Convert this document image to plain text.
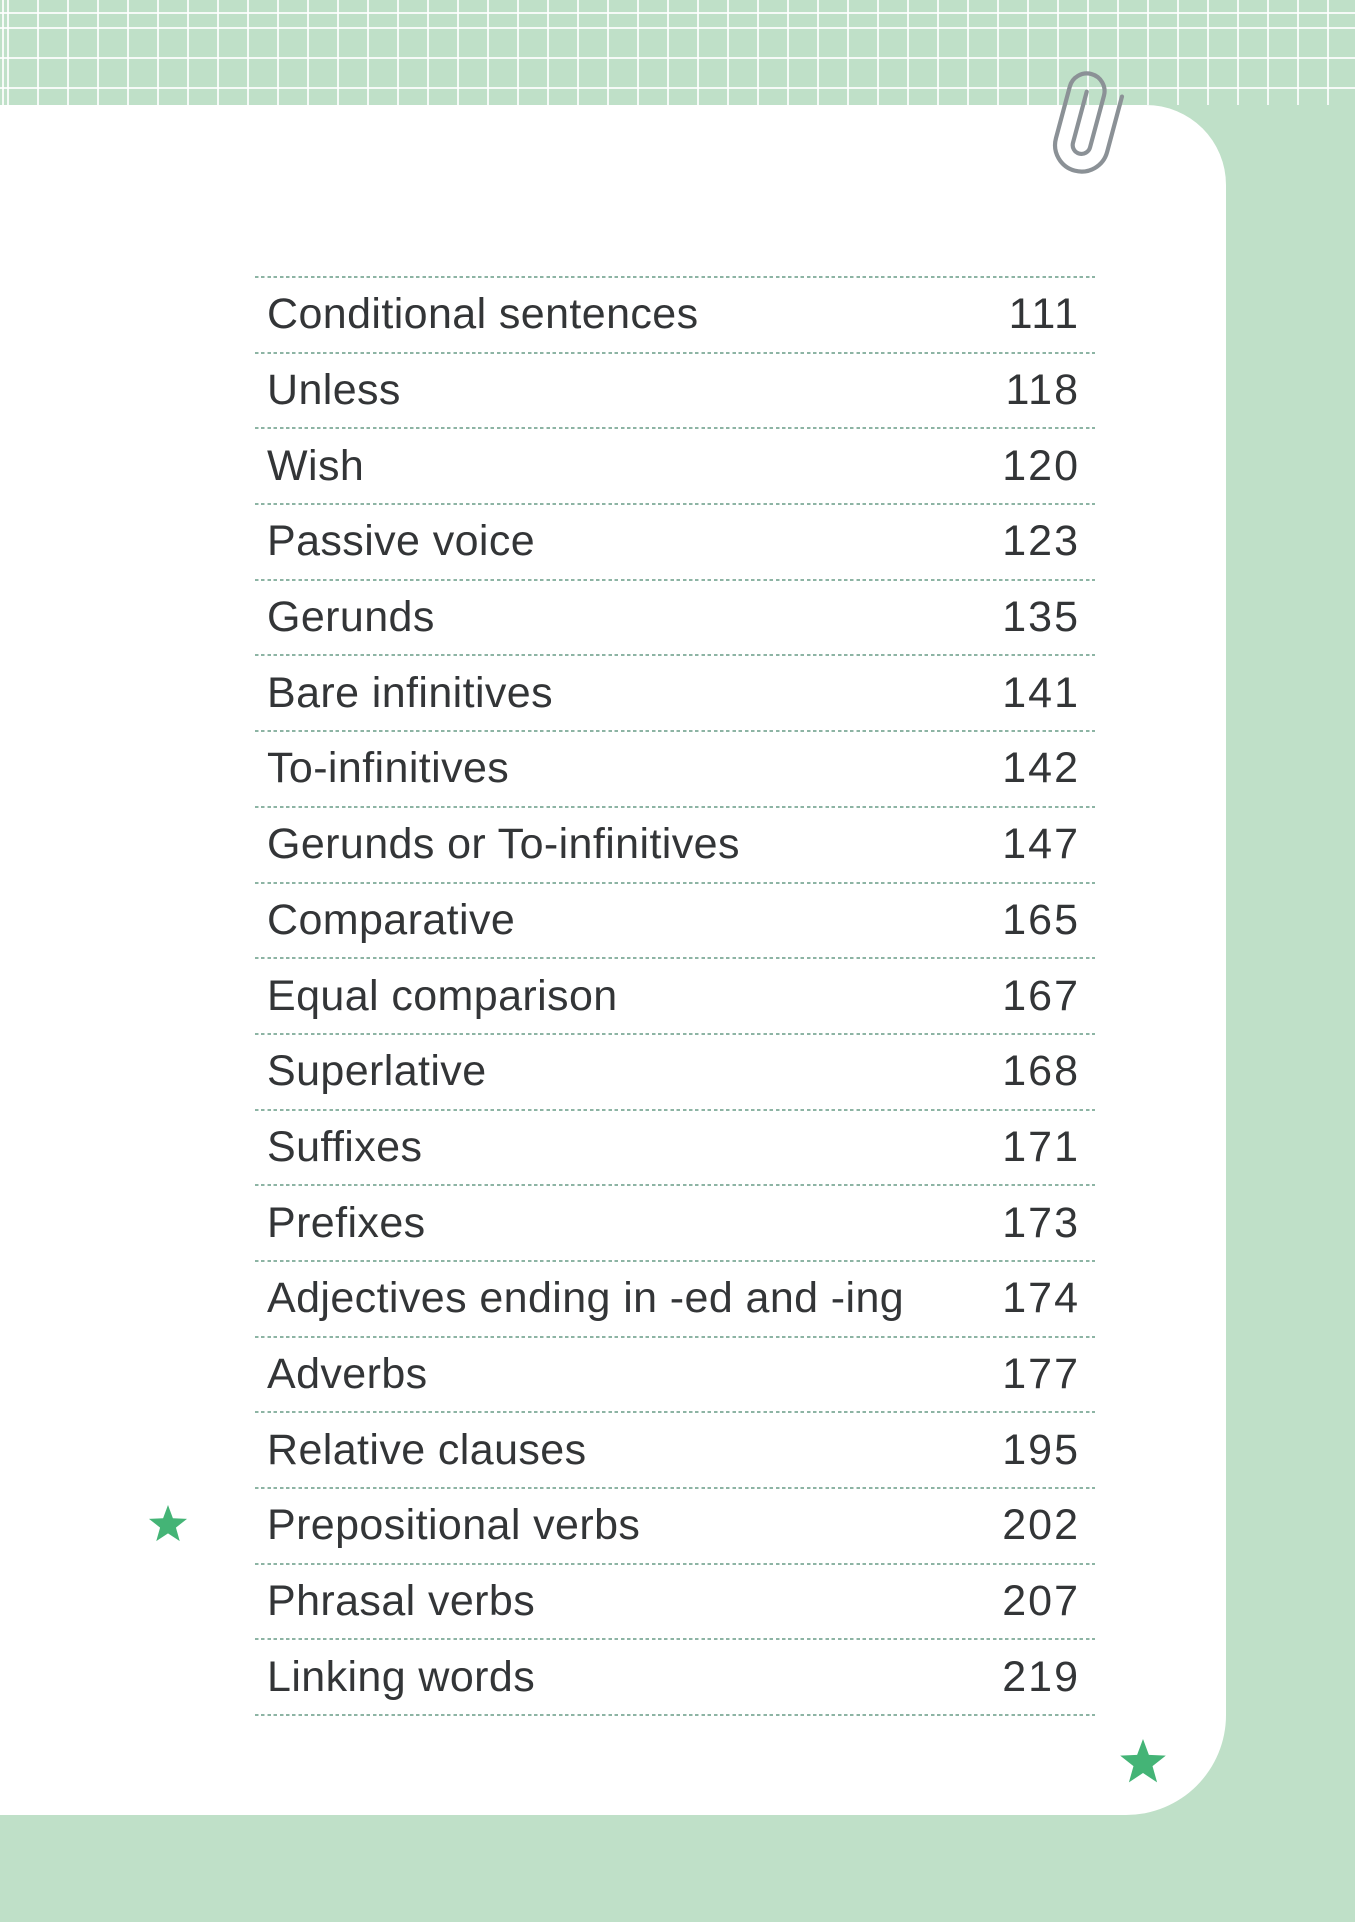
Conditional sentences	111
Unless	118
Wish	120
Passive voice	123
Gerunds	135
Bare infinitives	141
To-infinitives	142
Gerunds or To-infinitives	147
Comparative	165
Equal comparison	167
Superlative	168
Suffixes	171
Prefixes	173
Adjectives ending in -ed and -ing 174
Adverbs	177
Relative clauses	195
Prepositional verbs	202
Phrasal verbs	207
Linking words	219
